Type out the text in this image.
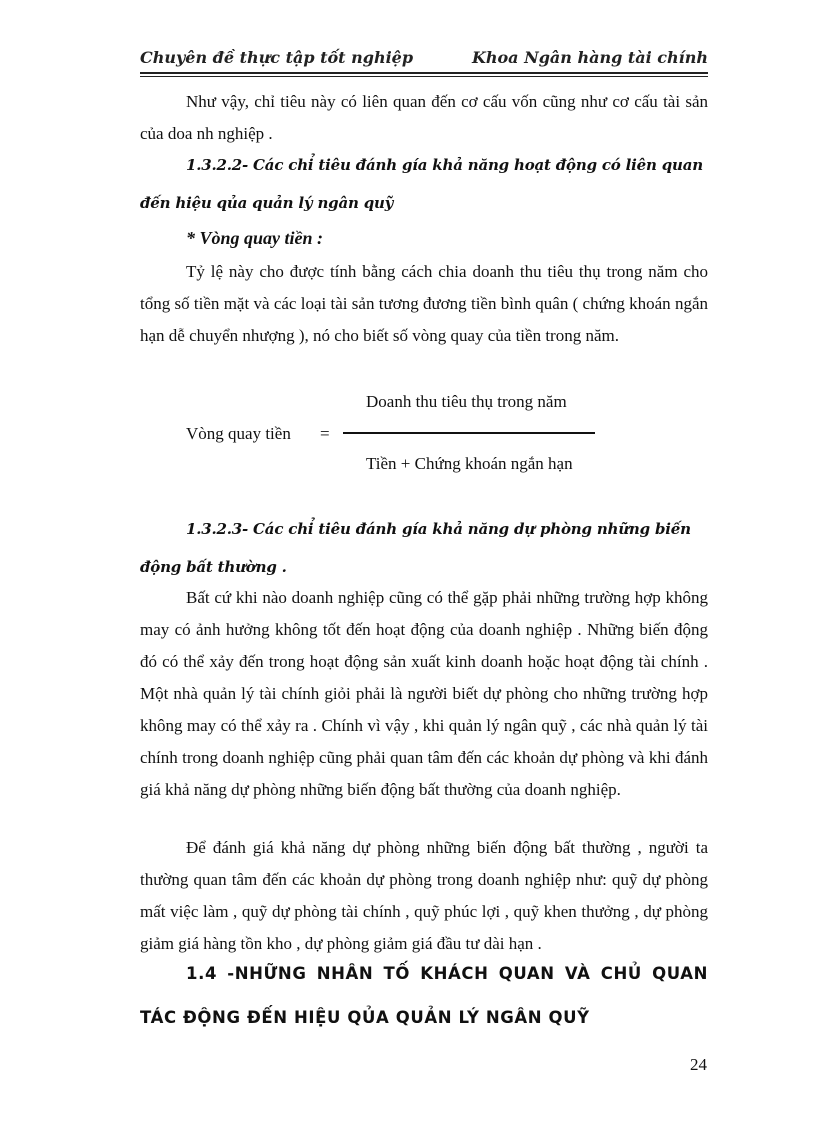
Chuyên đề thực tập tốt nghiệp	Khoa Ngân hàng tài chính

Như vậy, chỉ tiêu này có liên quan đến cơ cấu vốn cũng như cơ cấu tài sản của doa nh nghiệp .

1.3.2.2- Các chỉ tiêu đánh gía khả năng hoạt động có liên quan đến hiệu qủa quản lý ngân quỹ

* Vòng quay tiền :

Tỷ lệ này cho được tính bằng cách chia doanh thu tiêu thụ trong năm cho tổng số tiền mặt và các loại tài sản tương đương tiền bình quân ( chứng khoán ngắn hạn dễ chuyển nhượng ), nó cho biết số vòng quay của tiền trong năm.

Vòng quay tiền =
Doanh thu tiêu thụ trong năm
Tiền + Chứng khoán ngắn hạn

1.3.2.3- Các chỉ tiêu đánh gía khả năng dự phòng những biến động bất thường .

Bất cứ khi nào doanh nghiệp cũng có thể gặp phải những trường hợp không may có ảnh hưởng không tốt đến hoạt động của doanh nghiệp . Những biến động đó có thể xảy đến trong hoạt động sản xuất kinh doanh hoặc hoạt động tài chính . Một nhà quản lý tài chính giỏi phải là người biết dự phòng cho những trường hợp không may có thể xảy ra . Chính vì vậy , khi quản lý ngân quỹ , các nhà quản lý tài chính trong doanh nghiệp cũng phải quan tâm đến các khoản dự phòng và khi đánh giá khả năng dự phòng những biến động bất thường của doanh nghiệp.

Để đánh giá khả năng dự phòng những biến động bất thường , người ta thường quan tâm đến các khoản dự phòng trong doanh nghiệp như: quỹ dự phòng mất việc làm , quỹ dự phòng tài chính , quỹ phúc lợi , quỹ khen thưởng , dự phòng giảm giá hàng tồn kho , dự phòng giảm giá đầu tư dài hạn .

1.4 -NHỮNG NHÂN TỐ KHÁCH QUAN VÀ CHỦ QUAN TÁC ĐỘNG ĐẾN HIỆU QỦA QUẢN LÝ NGÂN QUỸ

24
